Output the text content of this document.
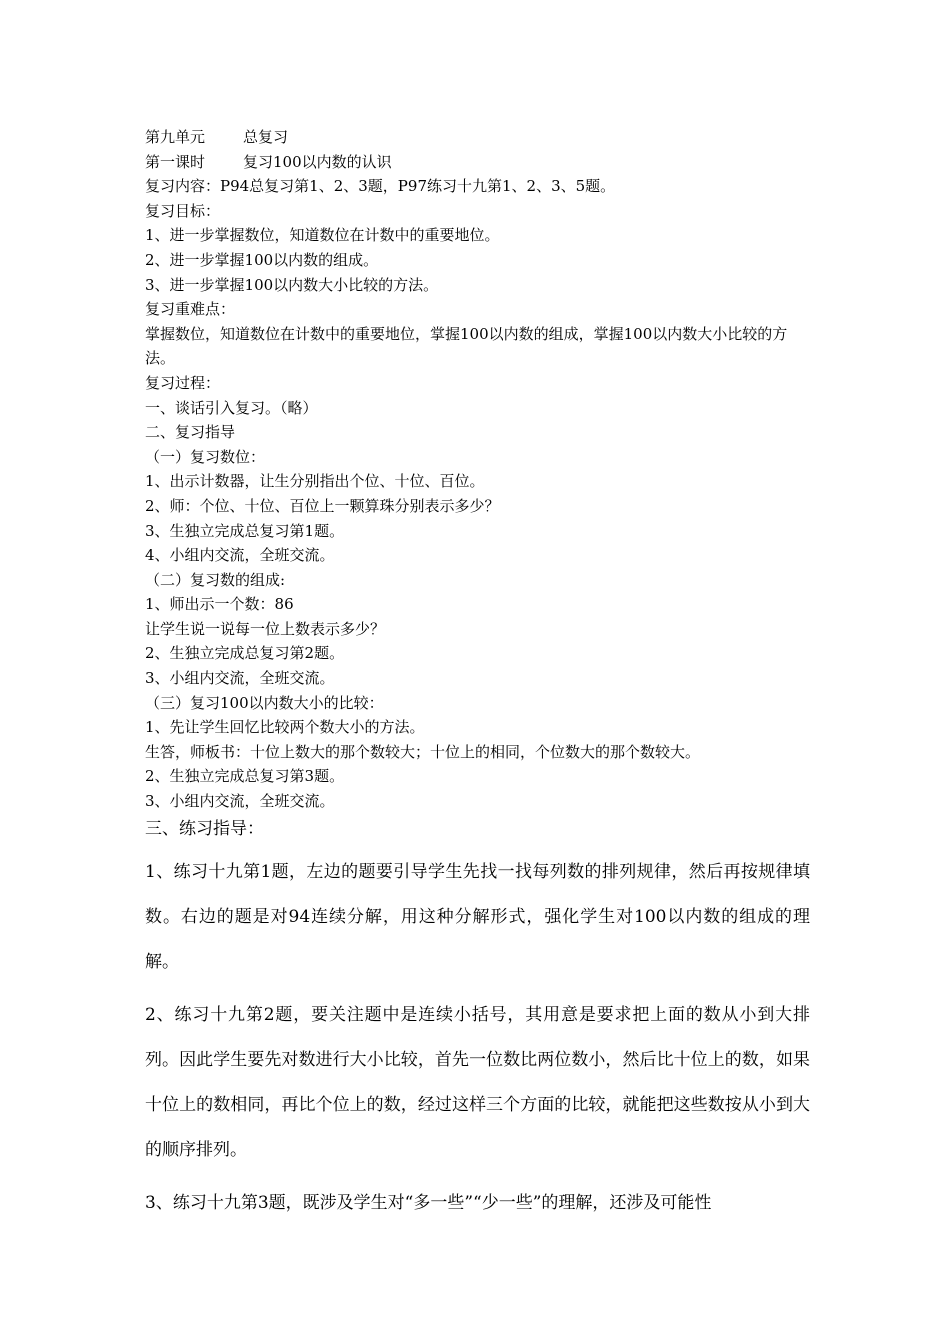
第九单元	总复习
第一课时	复习100以内数的认识
复习内容：P94总复习第1、2、3题，P97练习十九第1、2、3、5题。
复习目标：
1、进一步掌握数位，知道数位在计数中的重要地位。
2、进一步掌握100以内数的组成。
3、进一步掌握100以内数大小比较的方法。
复习重难点：
掌握数位，知道数位在计数中的重要地位，掌握100以内数的组成，掌握100以内数大小比较的方法。
复习过程：
一、谈话引入复习。（略）
二、复习指导
（一）复习数位：
1、出示计数器，让生分别指出个位、十位、百位。
2、师：个位、十位、百位上一颗算珠分别表示多少？
3、生独立完成总复习第1题。
4、小组内交流，全班交流。
（二）复习数的组成:
1、师出示一个数：86
让学生说一说每一位上数表示多少？
2、生独立完成总复习第2题。
3、小组内交流，全班交流。
（三）复习100以内数大小的比较：
1、先让学生回忆比较两个数大小的方法。
生答，师板书：十位上数大的那个数较大；十位上的相同，个位数大的那个数较大。
2、生独立完成总复习第3题。
3、小组内交流，全班交流。
三、练习指导：
1、练习十九第1题，左边的题要引导学生先找一找每列数的排列规律，然后再按规律填数。右边的题是对94连续分解，用这种分解形式，强化学生对100以内数的组成的理解。
2、练习十九第2题，要关注题中是连续小括号，其用意是要求把上面的数从小到大排列。因此学生要先对数进行大小比较，首先一位数比两位数小，然后比十位上的数，如果十位上的数相同，再比个位上的数，经过这样三个方面的比较，就能把这些数按从小到大的顺序排列。
3、练习十九第3题，既涉及学生对“多一些”“少一些”的理解，还涉及可能性
